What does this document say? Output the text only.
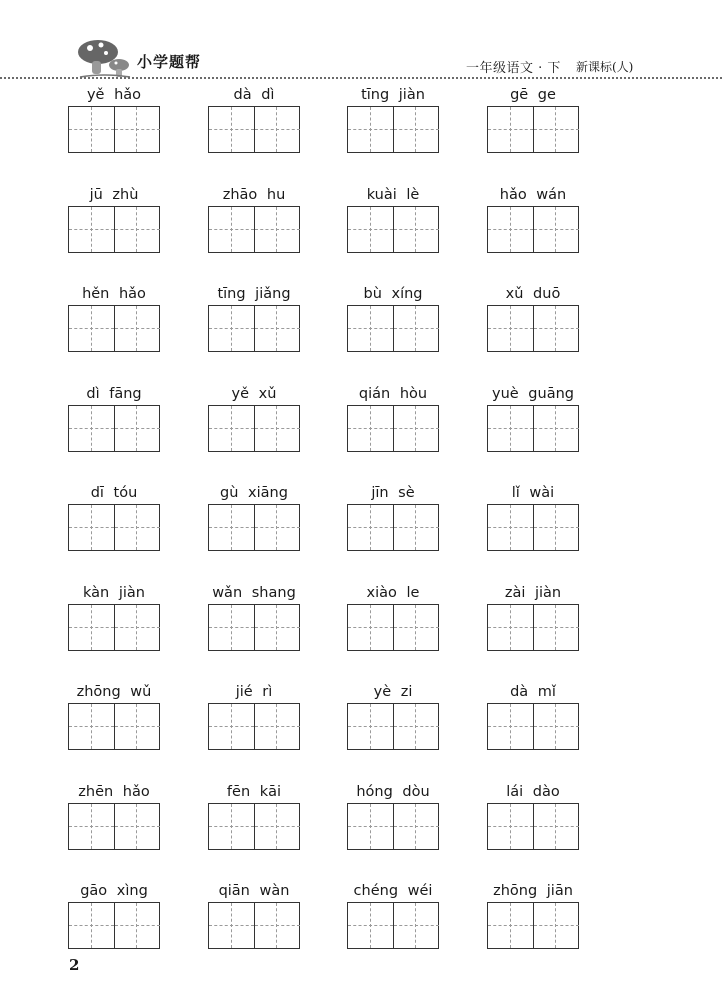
小学题帮	一年级语文 · 下 新课标(人)
yě hǎo	dà dì	tīng jiàn	gē ge
jū zhù	zhāo hu	kuài lè	hǎo wán
hěn hǎo	tīng jiǎng	bù xíng	xǔ duō
dì fāng	yě xǔ	qián hòu	yuè guāng
dī tóu	gù xiāng	jīn sè	lǐ wài
kàn jiàn	wǎn shang	xiào le	zài jiàn
zhōng wǔ	jié rì	yè zi	dà mǐ
zhēn hǎo	fēn kāi	hóng dòu	lái dào
gāo xìng	qiān wàn	chéng wéi	zhōng jiān
2
